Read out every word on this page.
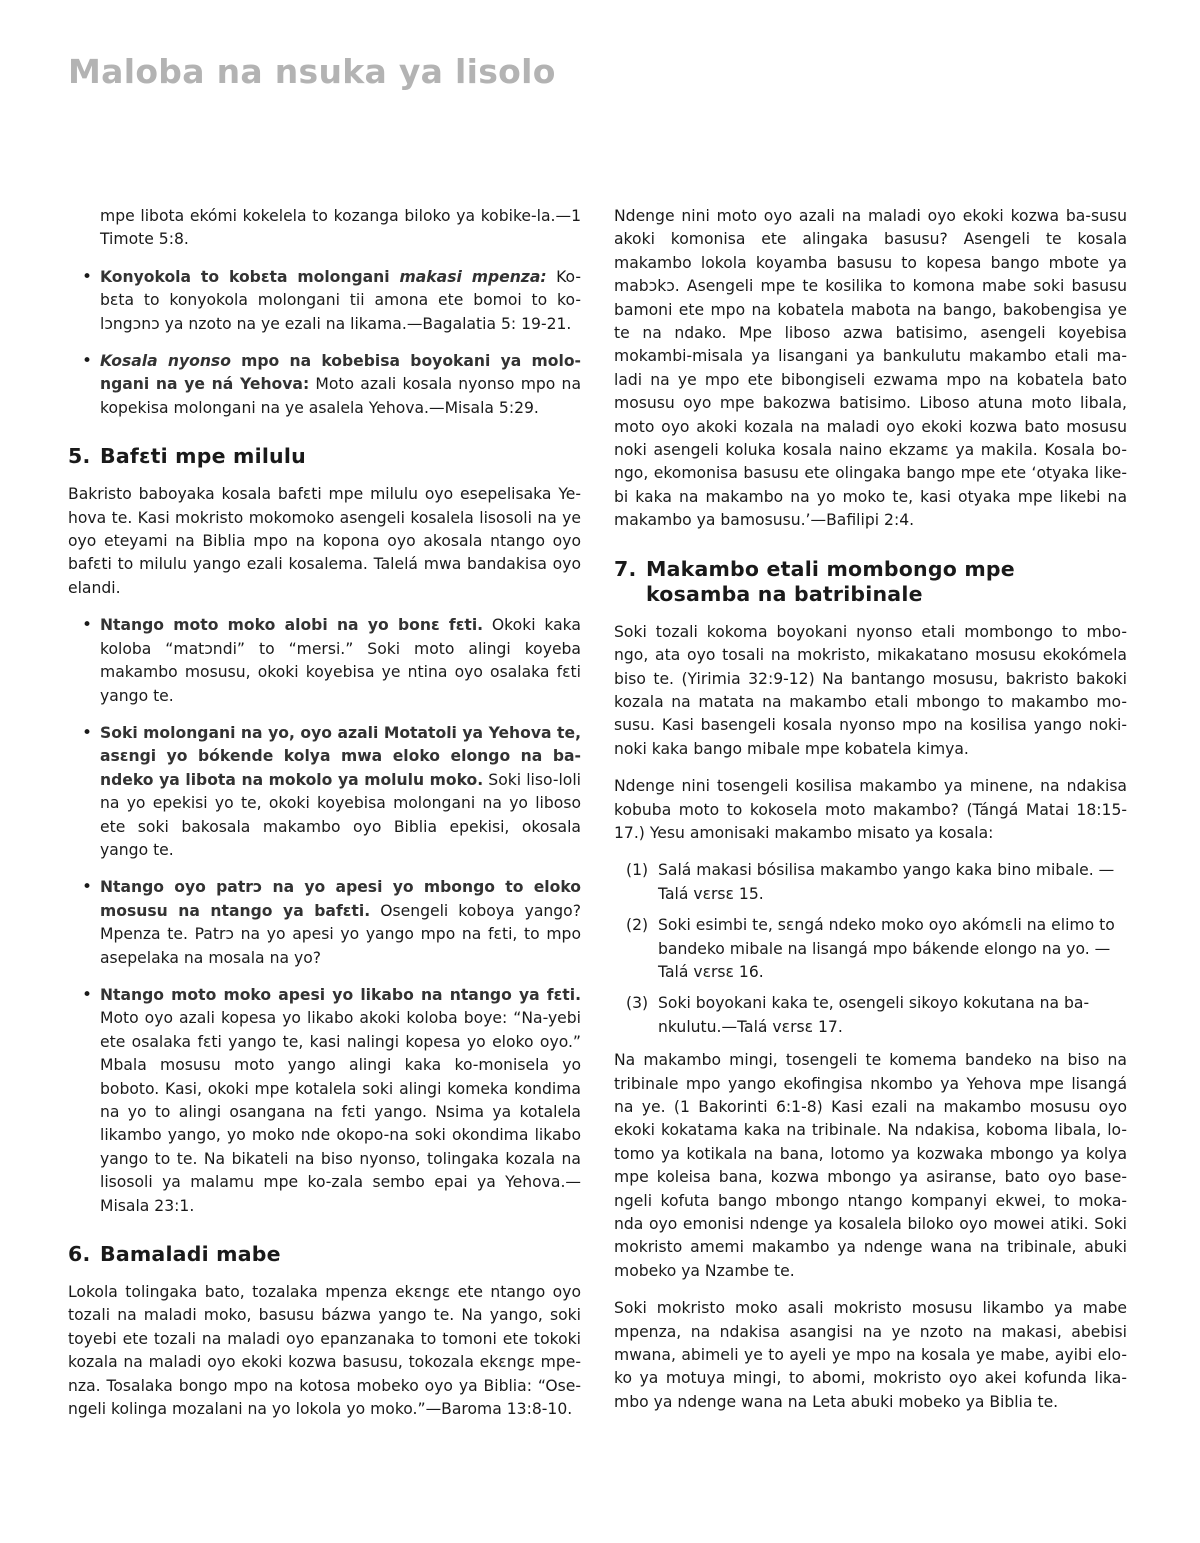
Maloba na nsuka ya lisolo

mpe libota ekómi kokelela to kozanga biloko ya kobike-la.—1 Timote 5:8.

• Konyokola to kobɛta molongani makasi mpenza: Ko-bɛta to konyokola molongani tii amona ete bomoi to ko-lɔngɔnɔ ya nzoto na ye ezali na likama.—Bagalatia 5: 19-21.
• Kosala nyonso mpo na kobebisa boyokani ya molo-ngani na ye ná Yehova: Moto azali kosala nyonso mpo na kopekisa molongani na ye asalela Yehova.—Misala 5:29.
5. Bafɛti mpe milulu

Bakristo baboyaka kosala bafɛti mpe milulu oyo esepelisaka Ye-hova te. Kasi mokristo mokomoko asengeli kosalela lisosoli na ye oyo eteyami na Biblia mpo na kopona oyo akosala ntango oyo bafɛti to milulu yango ezali kosalema. Talelá mwa bandakisa oyo elandi.

• Ntango moto moko alobi na yo bonɛ fɛti. Okoki kaka koloba “matɔndi” to “mersi.” Soki moto alingi koyeba makambo mosusu, okoki koyebisa ye ntina oyo osalaka fɛti yango te.
• Soki molongani na yo, oyo azali Motatoli ya Yehova te, asɛngi yo bókende kolya mwa eloko elongo na ba-ndeko ya libota na mokolo ya molulu moko. Soki liso-loli na yo epekisi yo te, okoki koyebisa molongani na yo liboso ete soki bakosala makambo oyo Biblia epekisi, okosala yango te.
• Ntango oyo patrɔ na yo apesi yo mbongo to eloko mosusu na ntango ya bafɛti. Osengeli koboya yango? Mpenza te. Patrɔ na yo apesi yo yango mpo na fɛti, to mpo asepelaka na mosala na yo?
• Ntango moto moko apesi yo likabo na ntango ya fɛti. Moto oyo azali kopesa yo likabo akoki koloba boye: “Na-yebi ete osalaka fɛti yango te, kasi nalingi kopesa yo eloko oyo.” Mbala mosusu moto yango alingi kaka ko-monisela yo boboto. Kasi, okoki mpe kotalela soki alingi komeka kondima na yo to alingi osangana na fɛti yango. Nsima ya kotalela likambo yango, yo moko nde okopo-na soki okondima likabo yango to te. Na bikateli na biso nyonso, tolingaka kozala na lisosoli ya malamu mpe ko-zala sembo epai ya Yehova.—Misala 23:1.
6. Bamaladi mabe

Lokola tolingaka bato, tozalaka mpenza ekɛngɛ ete ntango oyo tozali na maladi moko, basusu bázwa yango te. Na yango, soki toyebi ete tozali na maladi oyo epanzanaka to tomoni ete tokoki kozala na maladi oyo ekoki kozwa basusu, tokozala ekɛngɛ mpe-nza. Tosalaka bongo mpo na kotosa mobeko oyo ya Biblia: “Ose-ngeli kolinga mozalani na yo lokola yo moko.”—Baroma 13:8-10.

Ndenge nini moto oyo azali na maladi oyo ekoki kozwa ba-susu akoki komonisa ete alingaka basusu? Asengeli te kosala makambo lokola koyamba basusu to kopesa bango mbote ya mabɔkɔ. Asengeli mpe te kosilika to komona mabe soki basusu bamoni ete mpo na kobatela mabota na bango, bakobengisa ye te na ndako. Mpe liboso azwa batisimo, asengeli koyebisa mokambi-misala ya lisangani ya bankulutu makambo etali ma-ladi na ye mpo ete bibongiseli ezwama mpo na kobatela bato mosusu oyo mpe bakozwa batisimo. Liboso atuna moto libala, moto oyo akoki kozala na maladi oyo ekoki kozwa bato mosusu noki asengeli koluka kosala naino ekzamɛ ya makila. Kosala bo-ngo, ekomonisa basusu ete olingaka bango mpe ete ‘otyaka like-bi kaka na makambo na yo moko te, kasi otyaka mpe likebi na makambo ya bamosusu.’—Bafilipi 2:4.

7. Makambo etali mombongo mpe
kosamba na batribinale

Soki tozali kokoma boyokani nyonso etali mombongo to mbo-ngo, ata oyo tosali na mokristo, mikakatano mosusu ekokómela biso te. (Yirimia 32:9-12) Na bantango mosusu, bakristo bakoki kozala na matata na makambo etali mbongo to makambo mo-susu. Kasi basengeli kosala nyonso mpo na kosilisa yango noki-noki kaka bango mibale mpe kobatela kimya.

Ndenge nini tosengeli kosilisa makambo ya minene, na ndakisa kobuba moto to kokosela moto makambo? (Tángá Matai 18:15-17.) Yesu amonisaki makambo misato ya kosala:

(1) Salá makasi bósilisa makambo yango kaka bino mibale. —Talá vɛrsɛ 15.
(2) Soki esimbi te, sɛngá ndeko moko oyo akómɛli na elimo to bandeko mibale na lisangá mpo bákende elongo na yo. —Talá vɛrsɛ 16.
(3) Soki boyokani kaka te, osengeli sikoyo kokutana na ba-nkulutu.—Talá vɛrsɛ 17.

Na makambo mingi, tosengeli te komema bandeko na biso na tribinale mpo yango ekofingisa nkombo ya Yehova mpe lisangá na ye. (1 Bakorinti 6:1-8) Kasi ezali na makambo mosusu oyo ekoki kokatama kaka na tribinale. Na ndakisa, koboma libala, lo-tomo ya kotikala na bana, lotomo ya kozwaka mbongo ya kolya mpe koleisa bana, kozwa mbongo ya asiranse, bato oyo base-ngeli kofuta bango mbongo ntango kompanyi ekwei, to moka-nda oyo emonisi ndenge ya kosalela biloko oyo mowei atiki. Soki mokristo amemi makambo ya ndenge wana na tribinale, abuki mobeko ya Nzambe te.

Soki mokristo moko asali mokristo mosusu likambo ya mabe mpenza, na ndakisa asangisi na ye nzoto na makasi, abebisi mwana, abimeli ye to ayeli ye mpo na kosala ye mabe, ayibi elo-ko ya motuya mingi, to abomi, mokristo oyo akei kofunda lika-mbo ya ndenge wana na Leta abuki mobeko ya Biblia te.
